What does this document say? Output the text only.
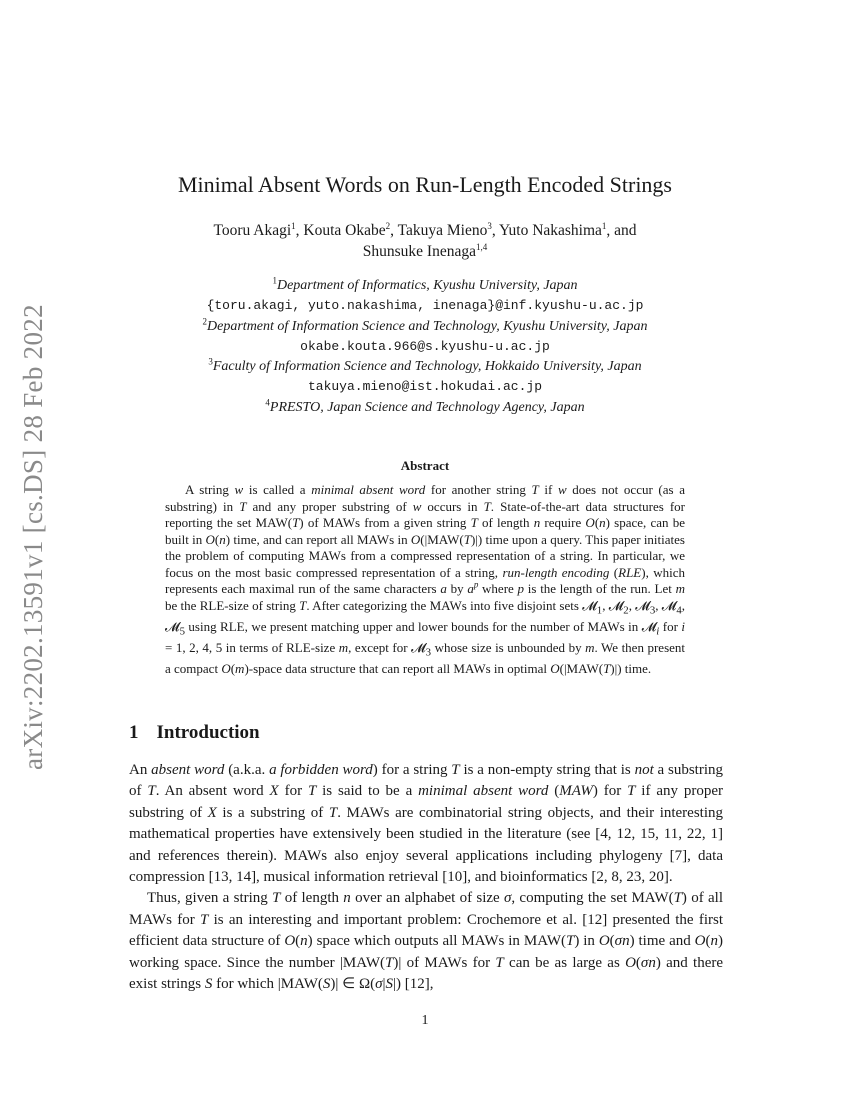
arXiv:2202.13591v1 [cs.DS] 28 Feb 2022
Minimal Absent Words on Run-Length Encoded Strings
Tooru Akagi$^1$, Kouta Okabe$^2$, Takuya Mieno$^3$, Yuto Nakashima$^1$, and
Shunsuke Inenaga$^{1,4}$
$^1$Department of Informatics, Kyushu University, Japan
{toru.akagi, yuto.nakashima, inenaga}@inf.kyushu-u.ac.jp
$^2$Department of Information Science and Technology, Kyushu University, Japan
okabe.kouta.966@s.kyushu-u.ac.jp
$^3$Faculty of Information Science and Technology, Hokkaido University, Japan
takuya.mieno@ist.hokudai.ac.jp
$^4$PRESTO, Japan Science and Technology Agency, Japan
Abstract
A string w is called a minimal absent word for another string T if w does not occur (as a substring) in T and any proper substring of w occurs in T. State-of-the-art data structures for reporting the set MAW(T) of MAWs from a given string T of length n require O(n) space, can be built in O(n) time, and can report all MAWs in O(|MAW(T)|) time upon a query. This paper initiates the problem of computing MAWs from a compressed representation of a string. In particular, we focus on the most basic compressed representation of a string, run-length encoding (RLE), which represents each maximal run of the same characters a by $a^p$ where p is the length of the run. Let m be the RLE-size of string T. After categorizing the MAWs into five disjoint sets 𝓜$_1$, 𝓜$_2$, 𝓜$_3$, 𝓜$_4$, 𝓜$_5$ using RLE, we present matching upper and lower bounds for the number of MAWs in 𝓜$_i$ for i = 1, 2, 4, 5 in terms of RLE-size m, except for 𝓜$_3$ whose size is unbounded by m. We then present a compact O(m)-space data structure that can report all MAWs in optimal O(|MAW(T)|) time.
1 Introduction

An absent word (a.k.a. a forbidden word) for a string T is a non-empty string that is not a substring of T. An absent word X for T is said to be a minimal absent word (MAW) for T if any proper substring of X is a substring of T. MAWs are combinatorial string objects, and their interesting mathematical properties have extensively been studied in the literature (see [4, 12, 15, 11, 22, 1] and references therein). MAWs also enjoy several applications including phylogeny [7], data compression [13, 14], musical information retrieval [10], and bioinformatics [2, 8, 23, 20].

Thus, given a string T of length n over an alphabet of size σ, computing the set MAW(T) of all MAWs for T is an interesting and important problem: Crochemore et al. [12] presented the first efficient data structure of O(n) space which outputs all MAWs in MAW(T) in O(σn) time and O(n) working space. Since the number |MAW(T)| of MAWs for T can be as large as O(σn) and there exist strings S for which |MAW(S)| ∈ Ω(σ|S|) [12],

1
